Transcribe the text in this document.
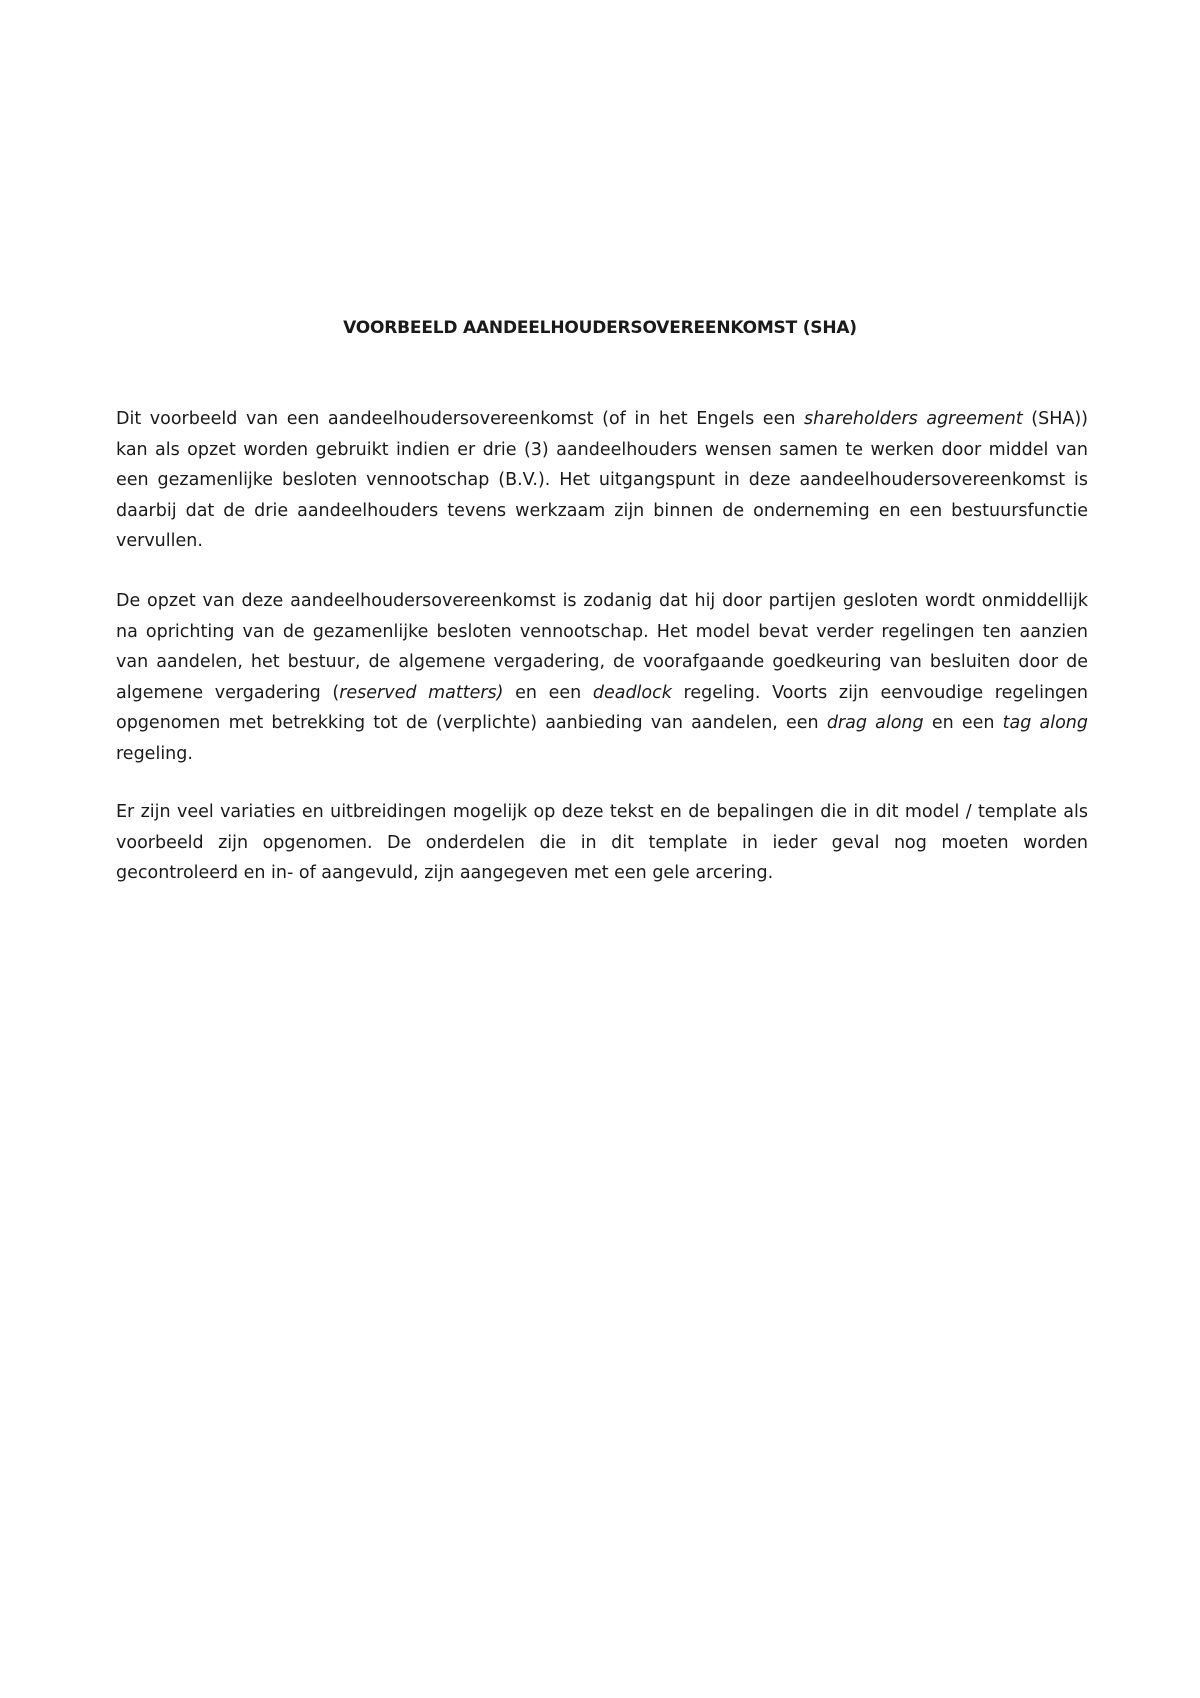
VOORBEELD AANDEELHOUDERSOVEREENKOMST (SHA)

Dit voorbeeld van een aandeelhoudersovereenkomst (of in het Engels een shareholders agreement (SHA)) kan als opzet worden gebruikt indien er drie (3) aandeelhouders wensen samen te werken door middel van een gezamenlijke besloten vennootschap (B.V.). Het uitgangspunt in deze aandeelhoudersovereenkomst is daarbij dat de drie aandeelhouders tevens werkzaam zijn binnen de onderneming en een bestuursfunctie vervullen.

De opzet van deze aandeelhoudersovereenkomst is zodanig dat hij door partijen gesloten wordt onmiddellijk na oprichting van de gezamenlijke besloten vennootschap. Het model bevat verder regelingen ten aanzien van aandelen, het bestuur, de algemene vergadering, de voorafgaande goedkeuring van besluiten door de algemene vergadering (reserved matters) en een deadlock regeling. Voorts zijn eenvoudige regelingen opgenomen met betrekking tot de (verplichte) aanbieding van aandelen, een drag along en een tag along regeling.

Er zijn veel variaties en uitbreidingen mogelijk op deze tekst en de bepalingen die in dit model / template als voorbeeld zijn opgenomen. De onderdelen die in dit template in ieder geval nog moeten worden gecontroleerd en in- of aangevuld, zijn aangegeven met een gele arcering.
